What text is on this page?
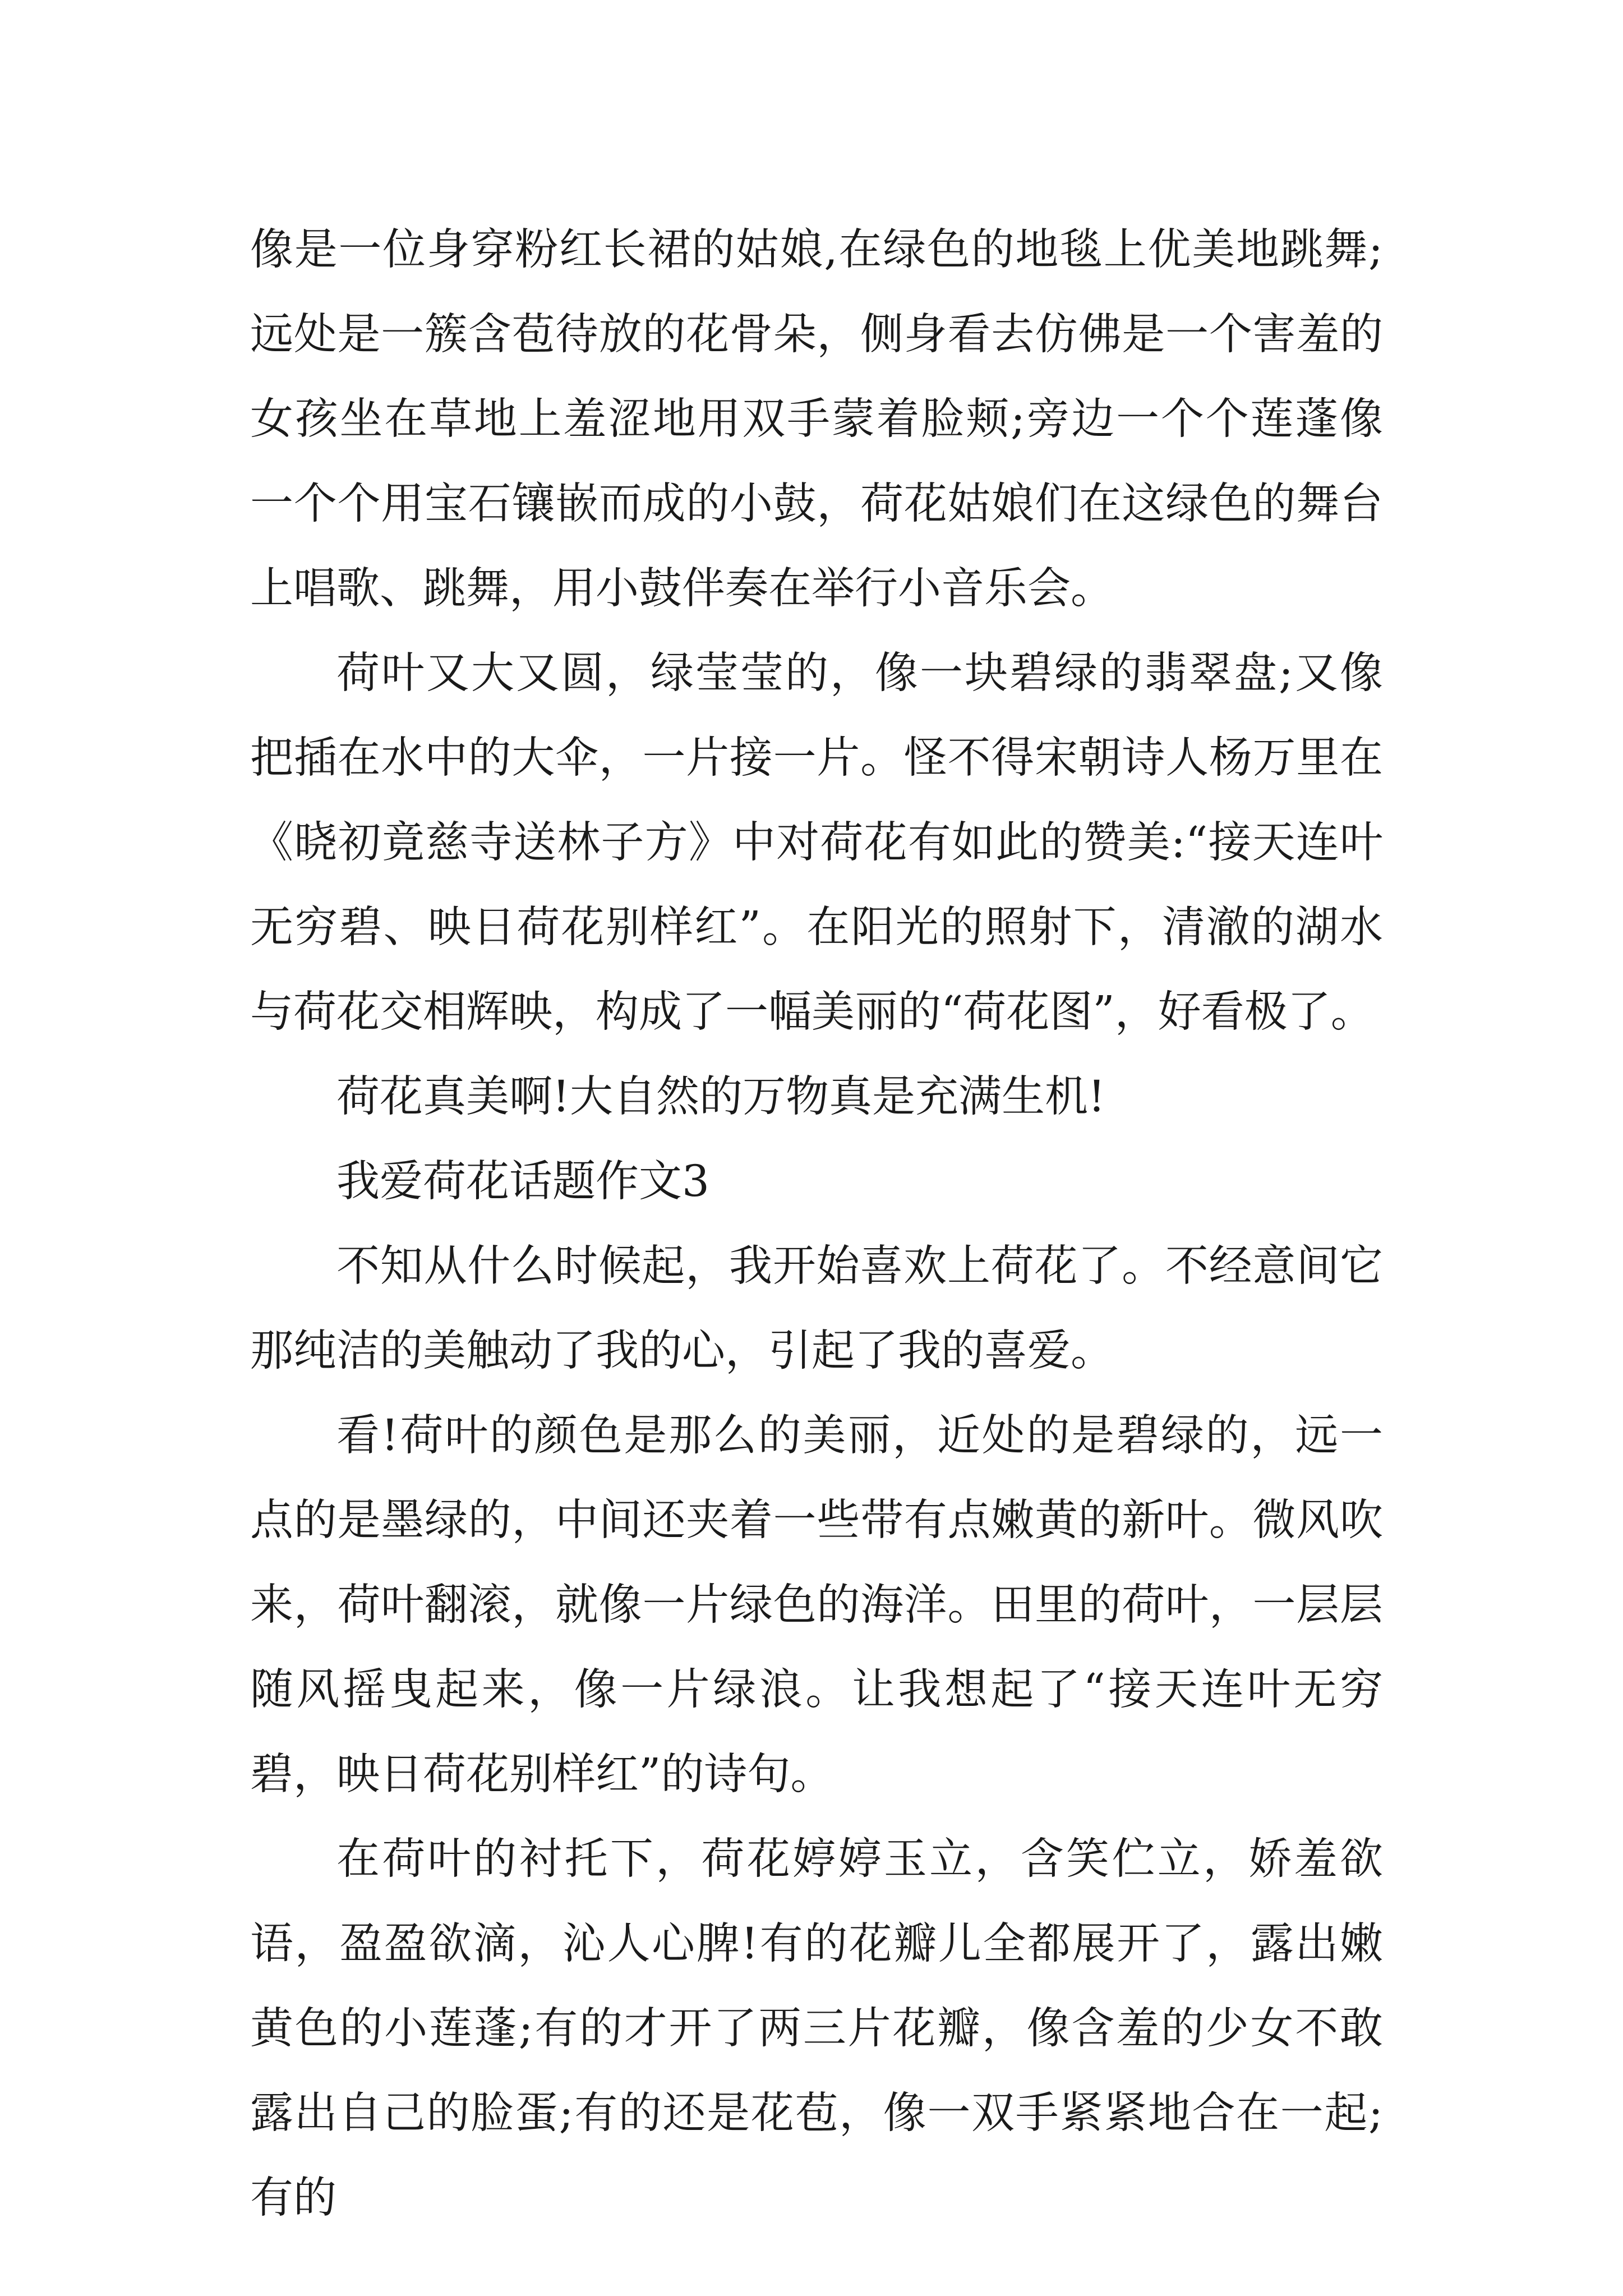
像是一位身穿粉红长裙的姑娘,在绿色的地毯上优美地跳舞;远处是一簇含苞待放的花骨朵，侧身看去仿佛是一个害羞的女孩坐在草地上羞涩地用双手蒙着脸颊;旁边一个个莲蓬像一个个用宝石镶嵌而成的小鼓，荷花姑娘们在这绿色的舞台上唱歌、跳舞，用小鼓伴奏在举行小音乐会。

荷叶又大又圆，绿莹莹的，像一块碧绿的翡翠盘;又像把插在水中的大伞，一片接一片。怪不得宋朝诗人杨万里在《晓初竟慈寺送林子方》中对荷花有如此的赞美:“接天连叶无穷碧、映日荷花别样红”。在阳光的照射下，清澈的湖水与荷花交相辉映，构成了一幅美丽的“荷花图”，好看极了。

荷花真美啊!大自然的万物真是充满生机!

我爱荷花话题作文3

不知从什么时候起，我开始喜欢上荷花了。不经意间它那纯洁的美触动了我的心，引起了我的喜爱。

看!荷叶的颜色是那么的美丽，近处的是碧绿的，远一点的是墨绿的，中间还夹着一些带有点嫩黄的新叶。微风吹来，荷叶翻滚，就像一片绿色的海洋。田里的荷叶，一层层随风摇曳起来，像一片绿浪。让我想起了“接天连叶无穷碧，映日荷花别样红”的诗句。

在荷叶的衬托下，荷花婷婷玉立，含笑伫立，娇羞欲语，盈盈欲滴，沁人心脾!有的花瓣儿全都展开了，露出嫩黄色的小莲蓬;有的才开了两三片花瓣，像含羞的少女不敢露出自己的脸蛋;有的还是花苞，像一双手紧紧地合在一起;有的
